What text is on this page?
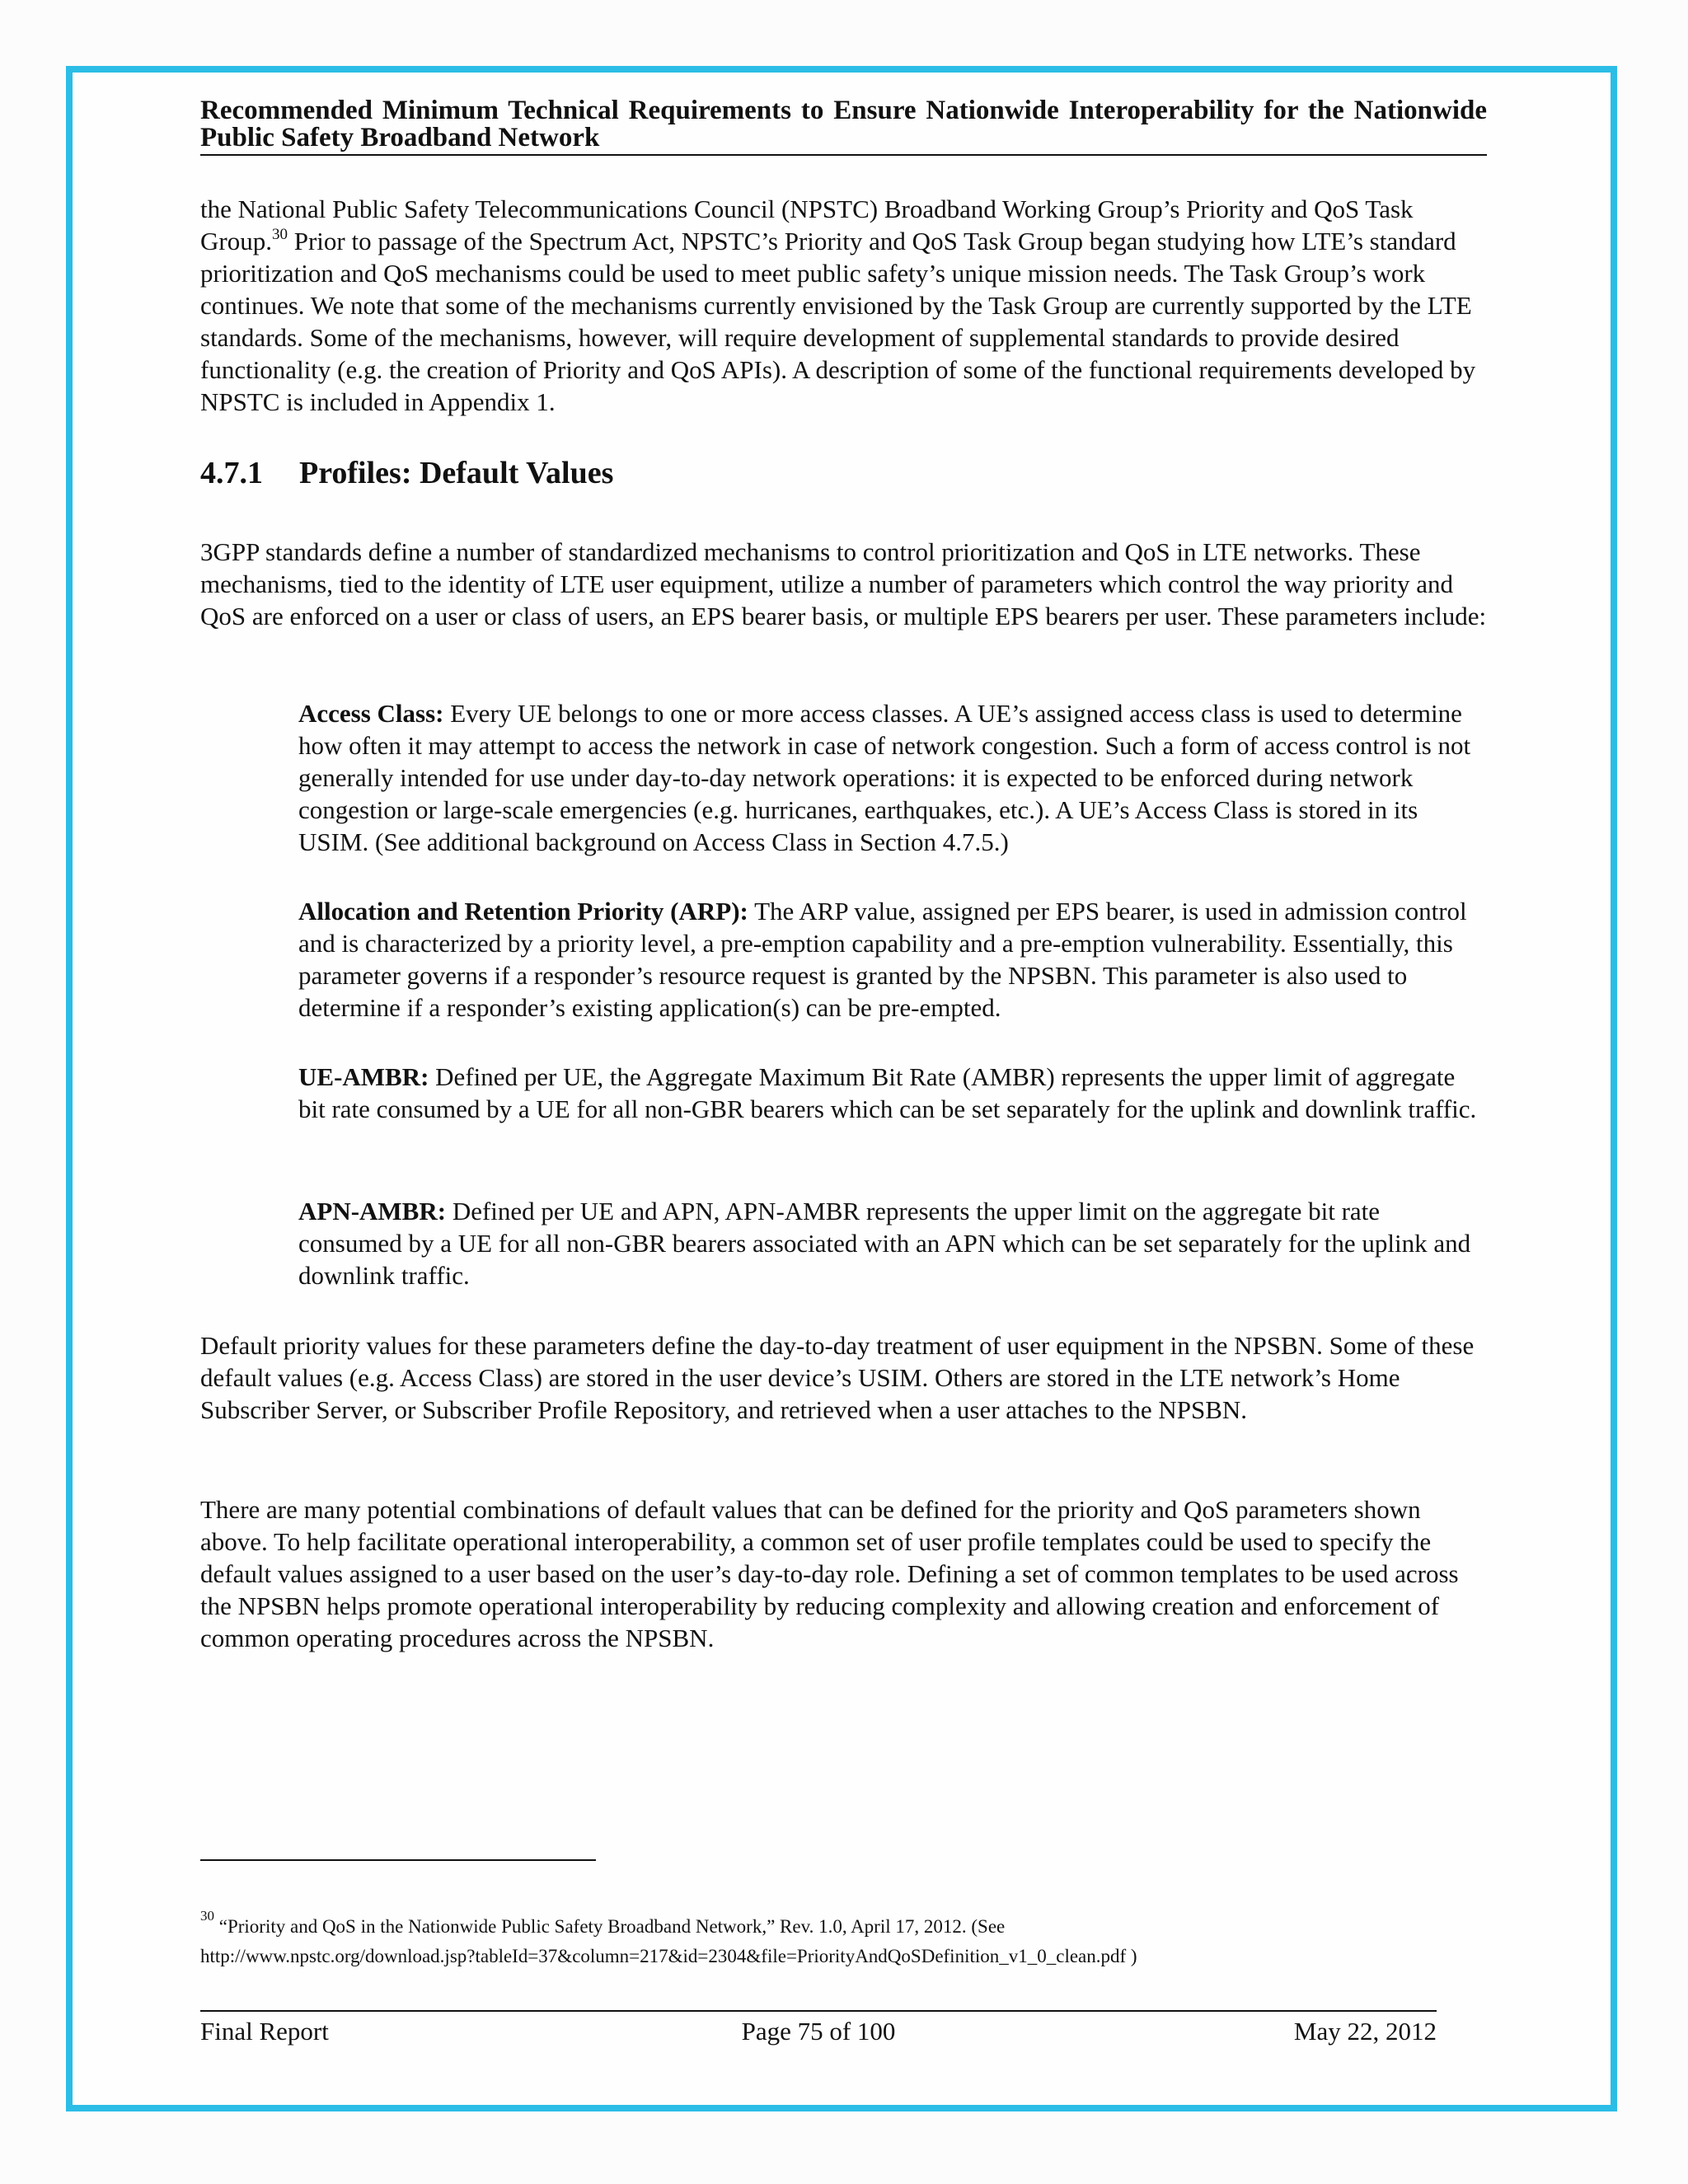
Recommended Minimum Technical Requirements to Ensure Nationwide Interoperability for the Nationwide Public Safety Broadband Network

the National Public Safety Telecommunications Council (NPSTC) Broadband Working Group’s Priority and QoS Task Group.$^{30}$ Prior to passage of the Spectrum Act, NPSTC’s Priority and QoS Task Group began studying how LTE’s standard prioritization and QoS mechanisms could be used to meet public safety’s unique mission needs. The Task Group’s work continues. We note that some of the mechanisms currently envisioned by the Task Group are currently supported by the LTE standards. Some of the mechanisms, however, will require development of supplemental standards to provide desired functionality (e.g. the creation of Priority and QoS APIs). A description of some of the functional requirements developed by NPSTC is included in Appendix 1.

4.7.1 Profiles: Default Values

3GPP standards define a number of standardized mechanisms to control prioritization and QoS in LTE networks. These mechanisms, tied to the identity of LTE user equipment, utilize a number of parameters which control the way priority and QoS are enforced on a user or class of users, an EPS bearer basis, or multiple EPS bearers per user. These parameters include:

Access Class: Every UE belongs to one or more access classes. A UE’s assigned access class is used to determine how often it may attempt to access the network in case of network congestion. Such a form of access control is not generally intended for use under day-to-day network operations: it is expected to be enforced during network congestion or large-scale emergencies (e.g. hurricanes, earthquakes, etc.). A UE’s Access Class is stored in its USIM. (See additional background on Access Class in Section 4.7.5.)

Allocation and Retention Priority (ARP): The ARP value, assigned per EPS bearer, is used in admission control and is characterized by a priority level, a pre-emption capability and a pre-emption vulnerability. Essentially, this parameter governs if a responder’s resource request is granted by the NPSBN. This parameter is also used to determine if a responder’s existing application(s) can be pre-empted.

UE-AMBR: Defined per UE, the Aggregate Maximum Bit Rate (AMBR) represents the upper limit of aggregate bit rate consumed by a UE for all non-GBR bearers which can be set separately for the uplink and downlink traffic.

APN-AMBR: Defined per UE and APN, APN-AMBR represents the upper limit on the aggregate bit rate consumed by a UE for all non-GBR bearers associated with an APN which can be set separately for the uplink and downlink traffic.

Default priority values for these parameters define the day-to-day treatment of user equipment in the NPSBN. Some of these default values (e.g. Access Class) are stored in the user device’s USIM. Others are stored in the LTE network’s Home Subscriber Server, or Subscriber Profile Repository, and retrieved when a user attaches to the NPSBN.

There are many potential combinations of default values that can be defined for the priority and QoS parameters shown above. To help facilitate operational interoperability, a common set of user profile templates could be used to specify the default values assigned to a user based on the user’s day-to-day role. Defining a set of common templates to be used across the NPSBN helps promote operational interoperability by reducing complexity and allowing creation and enforcement of common operating procedures across the NPSBN.

$^{30}$ “Priority and QoS in the Nationwide Public Safety Broadband Network,” Rev. 1.0, April 17, 2012. (See
http://www.npstc.org/download.jsp?tableId=37&column=217&id=2304&file=PriorityAndQoSDefinition_v1_0_clean.pdf )

Final Report	Page 75 of 100	May 22, 2012
